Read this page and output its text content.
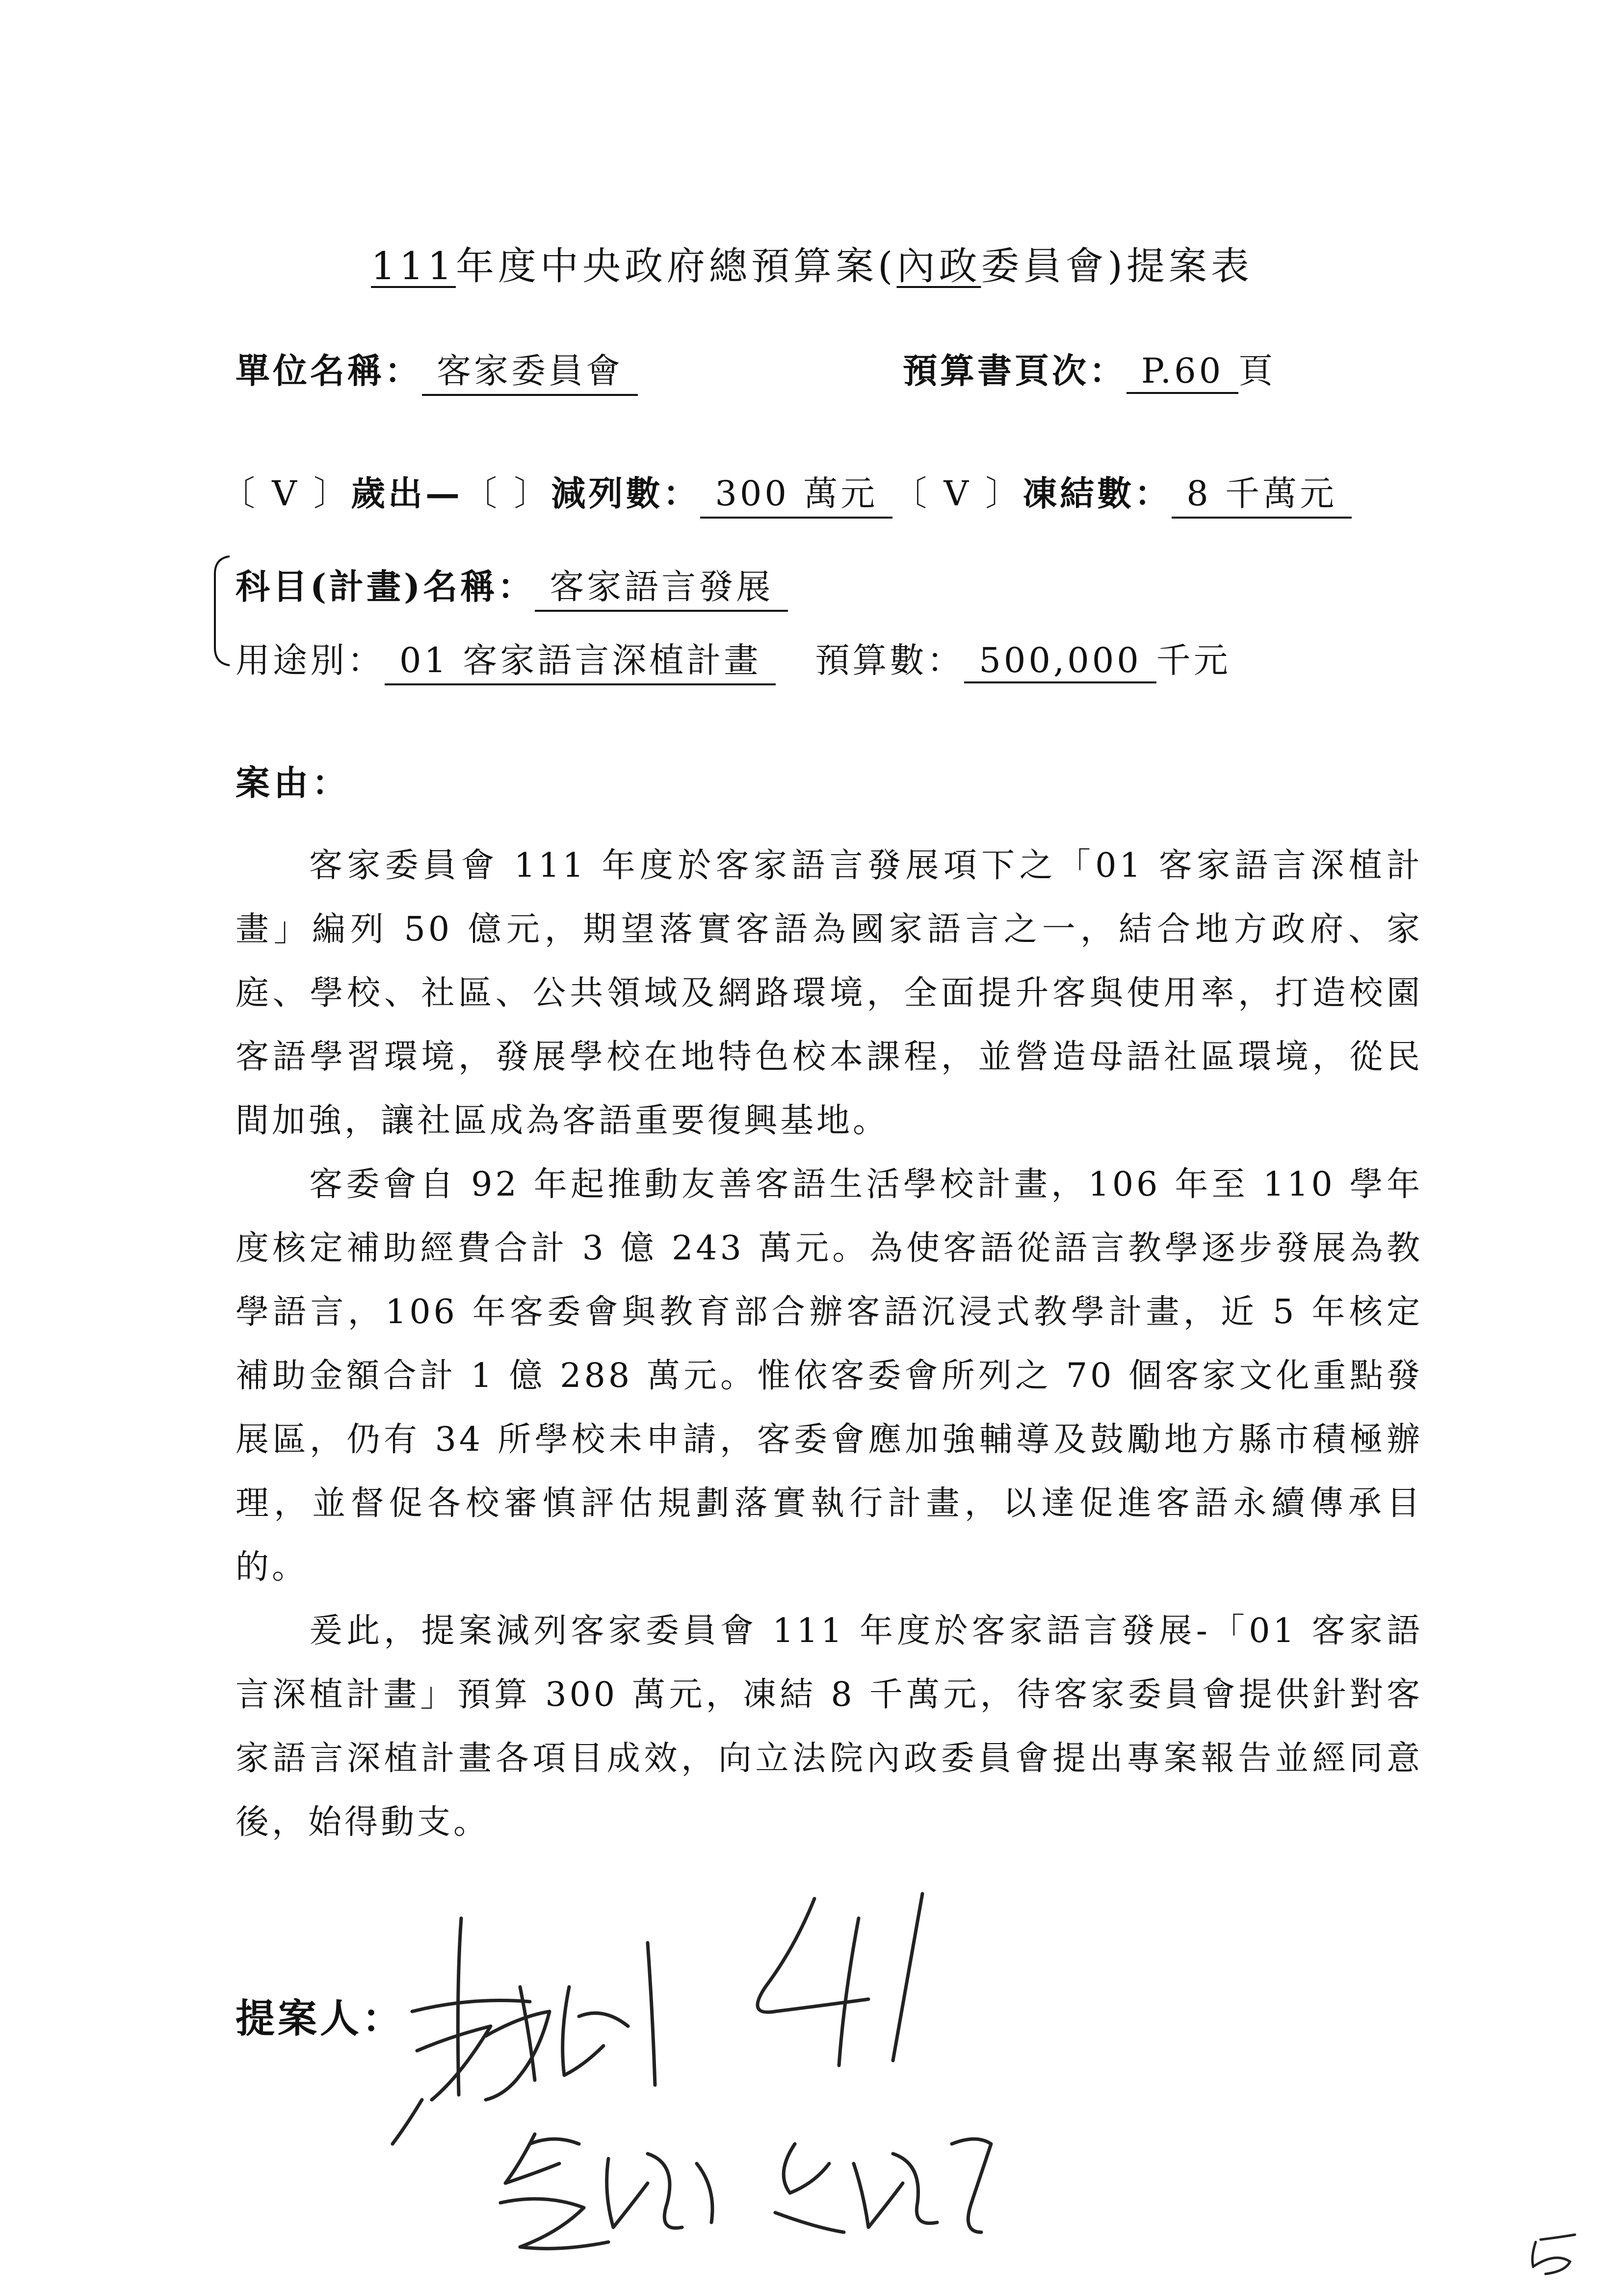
111年度中央政府總預算案(內政委員會)提案表
單位名稱： 客家委員會	預算書頁次： P.60 頁
〔 V 〕歲出—〔 〕減列數： 300 萬元 〔 V 〕凍結數： 8 千萬元
科目(計畫)名稱： 客家語言發展
用途別： 01 客家語言深植計畫 預算數： 500,000 千元
案由：

客家委員會 111 年度於客家語言發展項下之「01 客家語言深植計畫」編列 50 億元，期望落實客語為國家語言之一，結合地方政府、家庭、學校、社區、公共領域及網路環境，全面提升客與使用率，打造校園客語學習環境，發展學校在地特色校本課程，並營造母語社區環境，從民間加強，讓社區成為客語重要復興基地。

客委會自 92 年起推動友善客語生活學校計畫，106 年至 110 學年度核定補助經費合計 3 億 243 萬元。為使客語從語言教學逐步發展為教學語言，106 年客委會與教育部合辦客語沉浸式教學計畫，近 5 年核定補助金額合計 1 億 288 萬元。惟依客委會所列之 70 個客家文化重點發展區，仍有 34 所學校未申請，客委會應加強輔導及鼓勵地方縣市積極辦理，並督促各校審慎評估規劃落實執行計畫，以達促進客語永續傳承目的。

爰此，提案減列客家委員會 111 年度於客家語言發展-「01 客家語言深植計畫」預算 300 萬元，凍結 8 千萬元，待客家委員會提供針對客家語言深植計畫各項目成效，向立法院內政委員會提出專案報告並經同意後，始得動支。

提案人：
